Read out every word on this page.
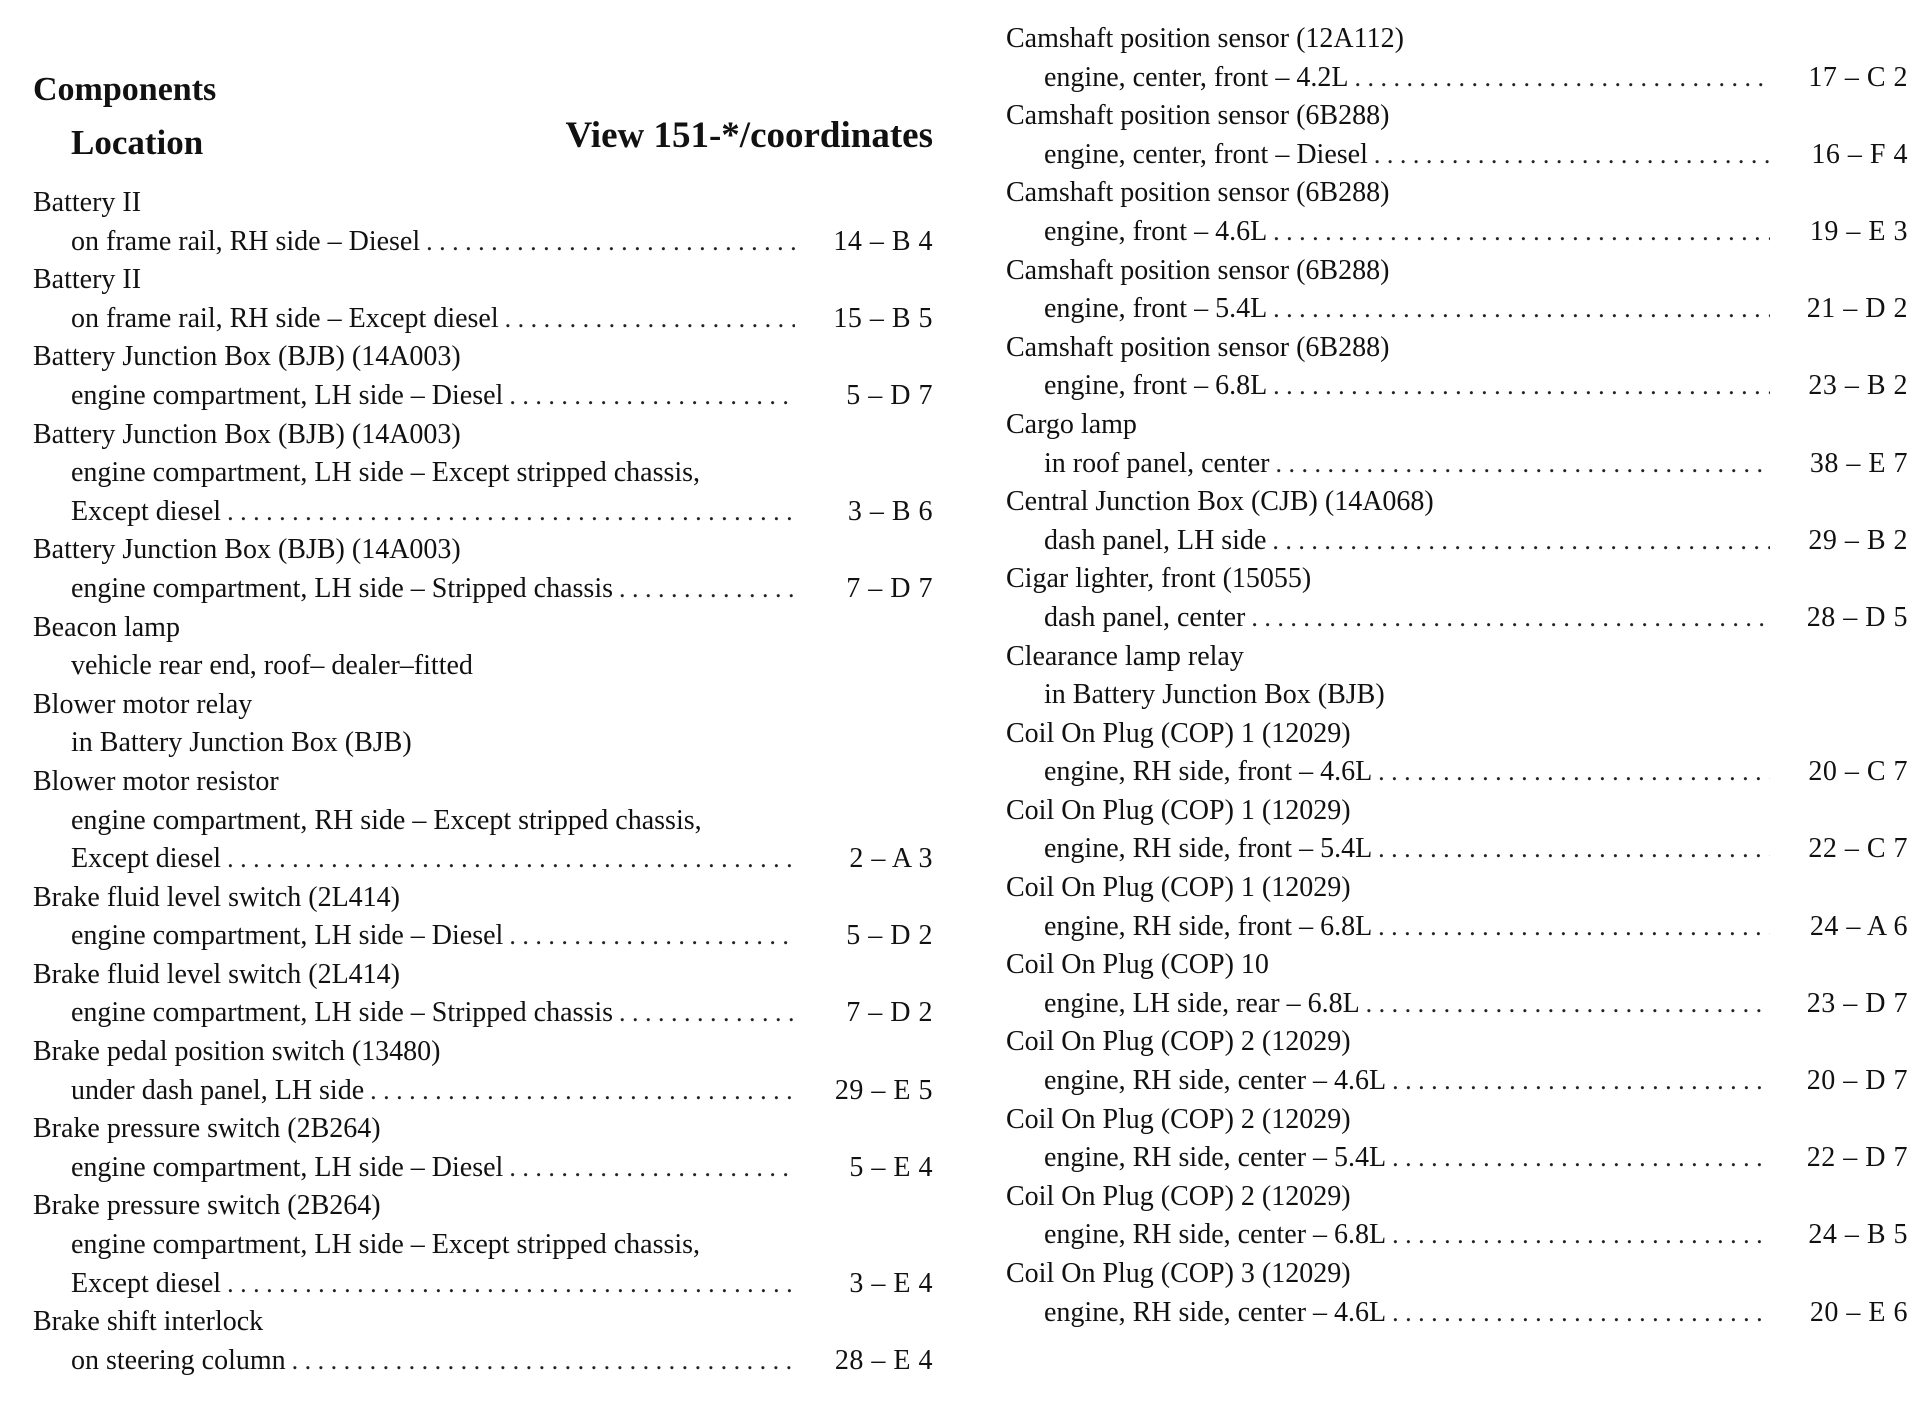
Components
Location	View 151-*/coordinates
Battery II
on frame rail, RH side – Diesel . . .	14 – B 4
Battery II
on frame rail, RH side – Except diesel . . .	15 – B 5
Battery Junction Box (BJB) (14A003)
engine compartment, LH side – Diesel . . .	5 – D 7
Battery Junction Box (BJB) (14A003)
engine compartment, LH side – Except stripped chassis,
Except diesel . . .	3 – B 6
Battery Junction Box (BJB) (14A003)
engine compartment, LH side – Stripped chassis . . .	7 – D 7
Beacon lamp
vehicle rear end, roof– dealer–fitted
Blower motor relay
in Battery Junction Box (BJB)
Blower motor resistor
engine compartment, RH side – Except stripped chassis,
Except diesel . . .	2 – A 3
Brake fluid level switch (2L414)
engine compartment, LH side – Diesel . . .	5 – D 2
Brake fluid level switch (2L414)
engine compartment, LH side – Stripped chassis . . .	7 – D 2
Brake pedal position switch (13480)
under dash panel, LH side . . .	29 – E 5
Brake pressure switch (2B264)
engine compartment, LH side – Diesel . . .	5 – E 4
Brake pressure switch (2B264)
engine compartment, LH side – Except stripped chassis,
Except diesel . . .	3 – E 4
Brake shift interlock
on steering column . . .	28 – E 4
Camshaft position sensor (12A112)
engine, center, front – 4.2L . . .	17 – C 2
Camshaft position sensor (6B288)
engine, center, front – Diesel . . .	16 – F 4
Camshaft position sensor (6B288)
engine, front – 4.6L . . .	19 – E 3
Camshaft position sensor (6B288)
engine, front – 5.4L . . .	21 – D 2
Camshaft position sensor (6B288)
engine, front – 6.8L . . .	23 – B 2
Cargo lamp
in roof panel, center . . .	38 – E 7
Central Junction Box (CJB) (14A068)
dash panel, LH side . . .	29 – B 2
Cigar lighter, front (15055)
dash panel, center . . .	28 – D 5
Clearance lamp relay
in Battery Junction Box (BJB)
Coil On Plug (COP) 1 (12029)
engine, RH side, front – 4.6L . . .	20 – C 7
Coil On Plug (COP) 1 (12029)
engine, RH side, front – 5.4L . . .	22 – C 7
Coil On Plug (COP) 1 (12029)
engine, RH side, front – 6.8L . . .	24 – A 6
Coil On Plug (COP) 10
engine, LH side, rear – 6.8L . . .	23 – D 7
Coil On Plug (COP) 2 (12029)
engine, RH side, center – 4.6L . . .	20 – D 7
Coil On Plug (COP) 2 (12029)
engine, RH side, center – 5.4L . . .	22 – D 7
Coil On Plug (COP) 2 (12029)
engine, RH side, center – 6.8L . . .	24 – B 5
Coil On Plug (COP) 3 (12029)
engine, RH side, center – 4.6L . . .	20 – E 6
